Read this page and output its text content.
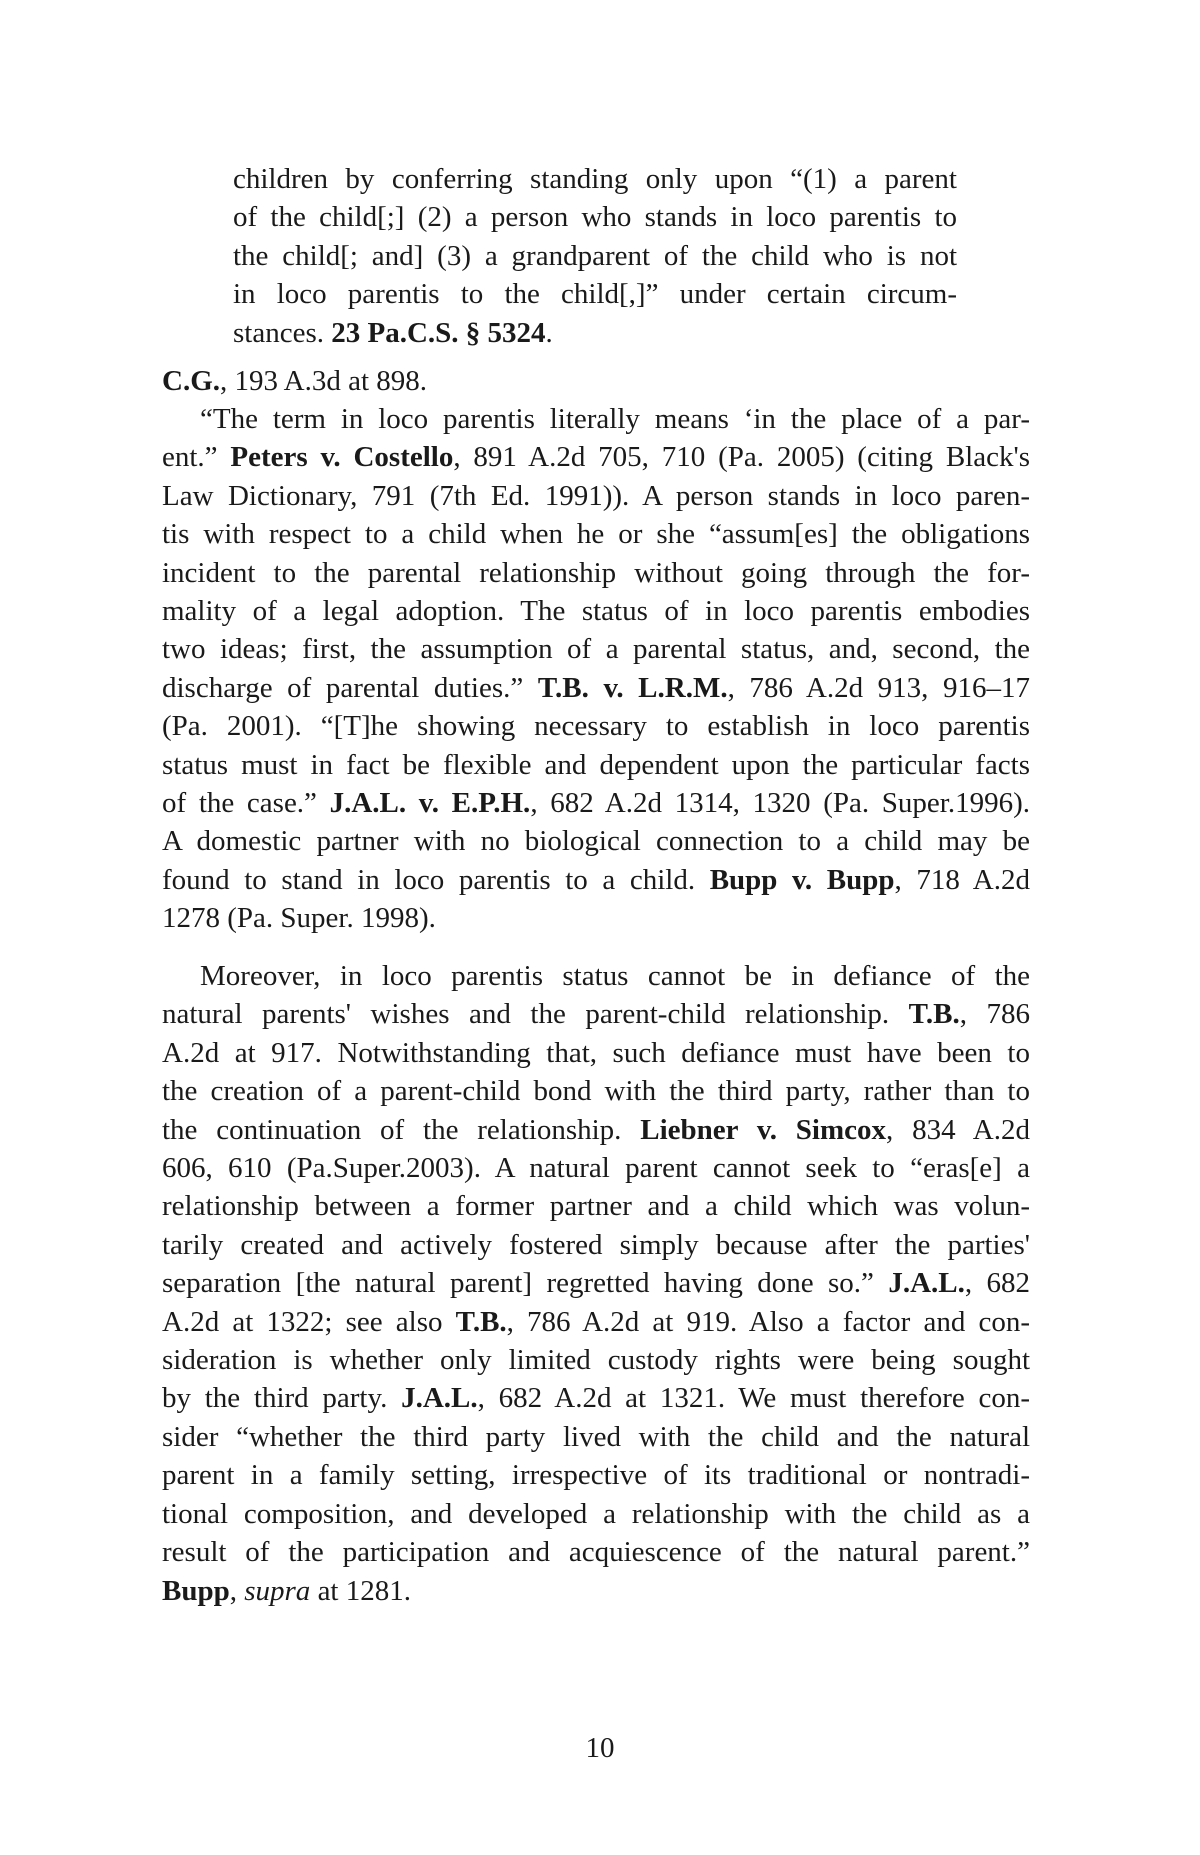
children by conferring standing only upon “(1) a parent
of the child[;] (2) a person who stands in loco parentis to
the child[; and] (3) a grandparent of the child who is not
in loco parentis to the child[,]” under certain circum-
stances. 23 Pa.C.S. § 5324.
C.G., 193 A.3d at 898.
“The term in loco parentis literally means ‘in the place of a par-
ent.” Peters v. Costello, 891 A.2d 705, 710 (Pa. 2005) (citing Black's
Law Dictionary, 791 (7th Ed. 1991)). A person stands in loco paren-
tis with respect to a child when he or she “assum[es] the obligations
incident to the parental relationship without going through the for-
mality of a legal adoption. The status of in loco parentis embodies
two ideas; first, the assumption of a parental status, and, second, the
discharge of parental duties.” T.B. v. L.R.M., 786 A.2d 913, 916–17
(Pa. 2001). “[T]he showing necessary to establish in loco parentis
status must in fact be flexible and dependent upon the particular facts
of the case.” J.A.L. v. E.P.H., 682 A.2d 1314, 1320 (Pa. Super.1996).
A domestic partner with no biological connection to a child may be
found to stand in loco parentis to a child. Bupp v. Bupp, 718 A.2d
1278 (Pa. Super. 1998).
Moreover, in loco parentis status cannot be in defiance of the
natural parents' wishes and the parent-child relationship. T.B., 786
A.2d at 917. Notwithstanding that, such defiance must have been to
the creation of a parent-child bond with the third party, rather than to
the continuation of the relationship. Liebner v. Simcox, 834 A.2d
606, 610 (Pa.Super.2003). A natural parent cannot seek to “eras[e] a
relationship between a former partner and a child which was volun-
tarily created and actively fostered simply because after the parties'
separation [the natural parent] regretted having done so.” J.A.L., 682
A.2d at 1322; see also T.B., 786 A.2d at 919. Also a factor and con-
sideration is whether only limited custody rights were being sought
by the third party. J.A.L., 682 A.2d at 1321. We must therefore con-
sider “whether the third party lived with the child and the natural
parent in a family setting, irrespective of its traditional or nontradi-
tional composition, and developed a relationship with the child as a
result of the participation and acquiescence of the natural parent.”
Bupp, supra at 1281.
10
